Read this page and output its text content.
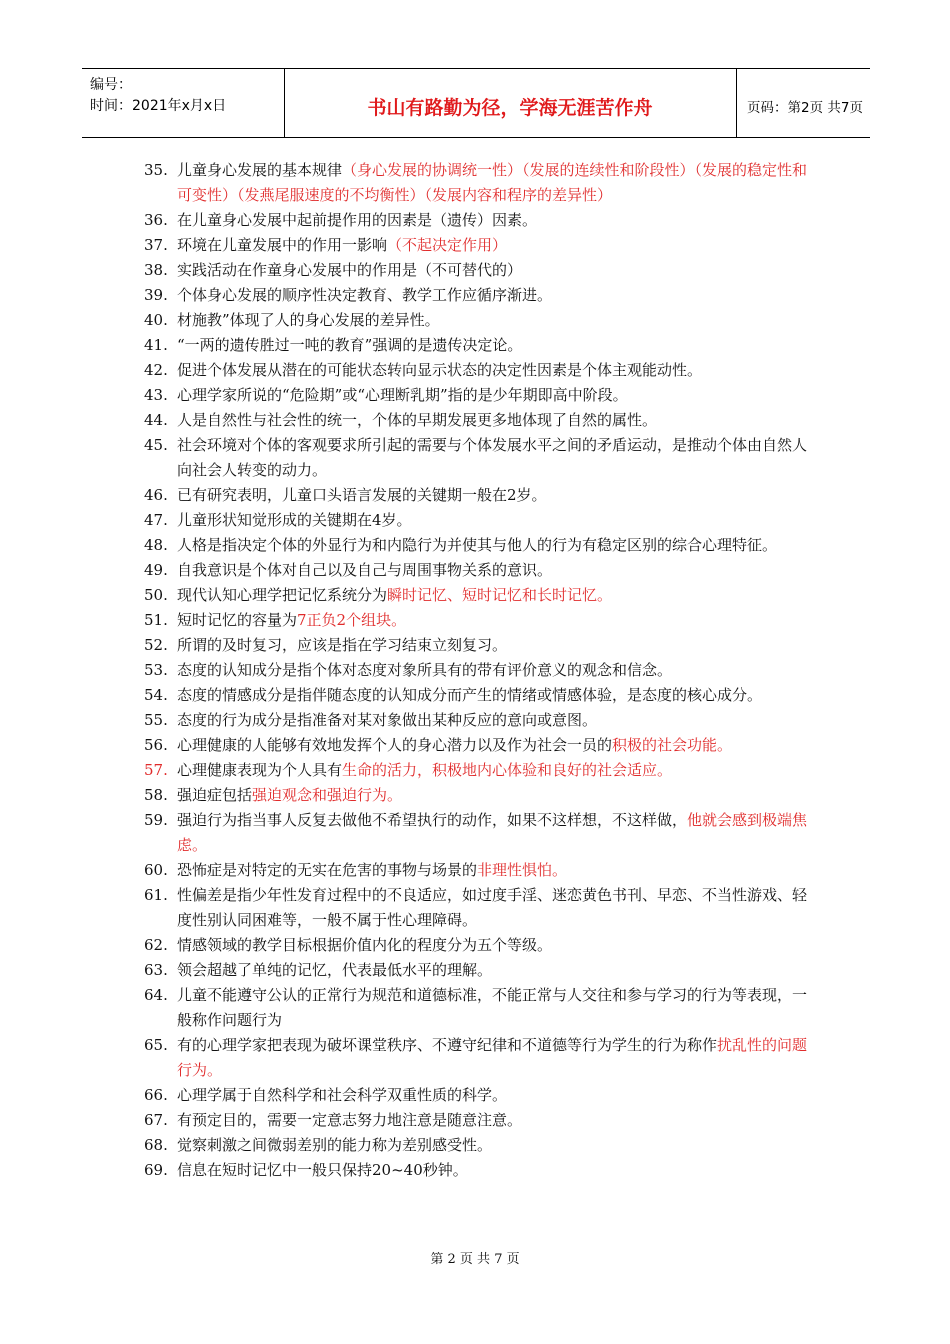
编号：
时间：2021年x月x日	书山有路勤为径，学海无涯苦作舟	页码：第2页 共7页
35. 儿童身心发展的基本规律（身心发展的协调统一性）（发展的连续性和阶段性）（发展的稳定性和可变性）（发燕尾服速度的不均衡性）（发展内容和程序的差异性）
36. 在儿童身心发展中起前提作用的因素是（遗传）因素。
37. 环境在儿童发展中的作用一影响（不起决定作用）
38. 实践活动在作童身心发展中的作用是（不可替代的）
39. 个体身心发展的顺序性决定教育、教学工作应循序渐进。
40. 材施教”体现了人的身心发展的差异性。
41. “一两的遗传胜过一吨的教育”强调的是遗传决定论。
42. 促进个体发展从潜在的可能状态转向显示状态的决定性因素是个体主观能动性。
43. 心理学家所说的“危险期”或“心理断乳期”指的是少年期即高中阶段。
44. 人是自然性与社会性的统一，个体的早期发展更多地体现了自然的属性。
45. 社会环境对个体的客观要求所引起的需要与个体发展水平之间的矛盾运动，是推动个体由自然人向社会人转变的动力。
46. 已有研究表明，儿童口头语言发展的关键期一般在2岁。
47. 儿童形状知觉形成的关键期在4岁。
48. 人格是指决定个体的外显行为和内隐行为并使其与他人的行为有稳定区别的综合心理特征。
49. 自我意识是个体对自己以及自己与周围事物关系的意识。
50. 现代认知心理学把记忆系统分为瞬时记忆、短时记忆和长时记忆。
51. 短时记忆的容量为7正负2个组块。
52. 所谓的及时复习，应该是指在学习结束立刻复习。
53. 态度的认知成分是指个体对态度对象所具有的带有评价意义的观念和信念。
54. 态度的情感成分是指伴随态度的认知成分而产生的情绪或情感体验，是态度的核心成分。
55. 态度的行为成分是指准备对某对象做出某种反应的意向或意图。
56. 心理健康的人能够有效地发挥个人的身心潜力以及作为社会一员的积极的社会功能。
57. 心理健康表现为个人具有生命的活力，积极地内心体验和良好的社会适应。
58. 强迫症包括强迫观念和强迫行为。
59. 强迫行为指当事人反复去做他不希望执行的动作，如果不这样想，不这样做，他就会感到极端焦虑。
60. 恐怖症是对特定的无实在危害的事物与场景的非理性惧怕。
61. 性偏差是指少年性发育过程中的不良适应，如过度手淫、迷恋黄色书刊、早恋、不当性游戏、轻度性别认同困难等，一般不属于性心理障碍。
62. 情感领域的教学目标根据价值内化的程度分为五个等级。
63. 领会超越了单纯的记忆，代表最低水平的理解。
64. 儿童不能遵守公认的正常行为规范和道德标准，不能正常与人交往和参与学习的行为等表现，一般称作问题行为
65. 有的心理学家把表现为破坏课堂秩序、不遵守纪律和不道德等行为学生的行为称作扰乱性的问题行为。
66. 心理学属于自然科学和社会科学双重性质的科学。
67. 有预定目的，需要一定意志努力地注意是随意注意。
68. 觉察刺激之间微弱差别的能力称为差别感受性。
69. 信息在短时记忆中一般只保持20~40秒钟。
第 2 页 共 7 页
